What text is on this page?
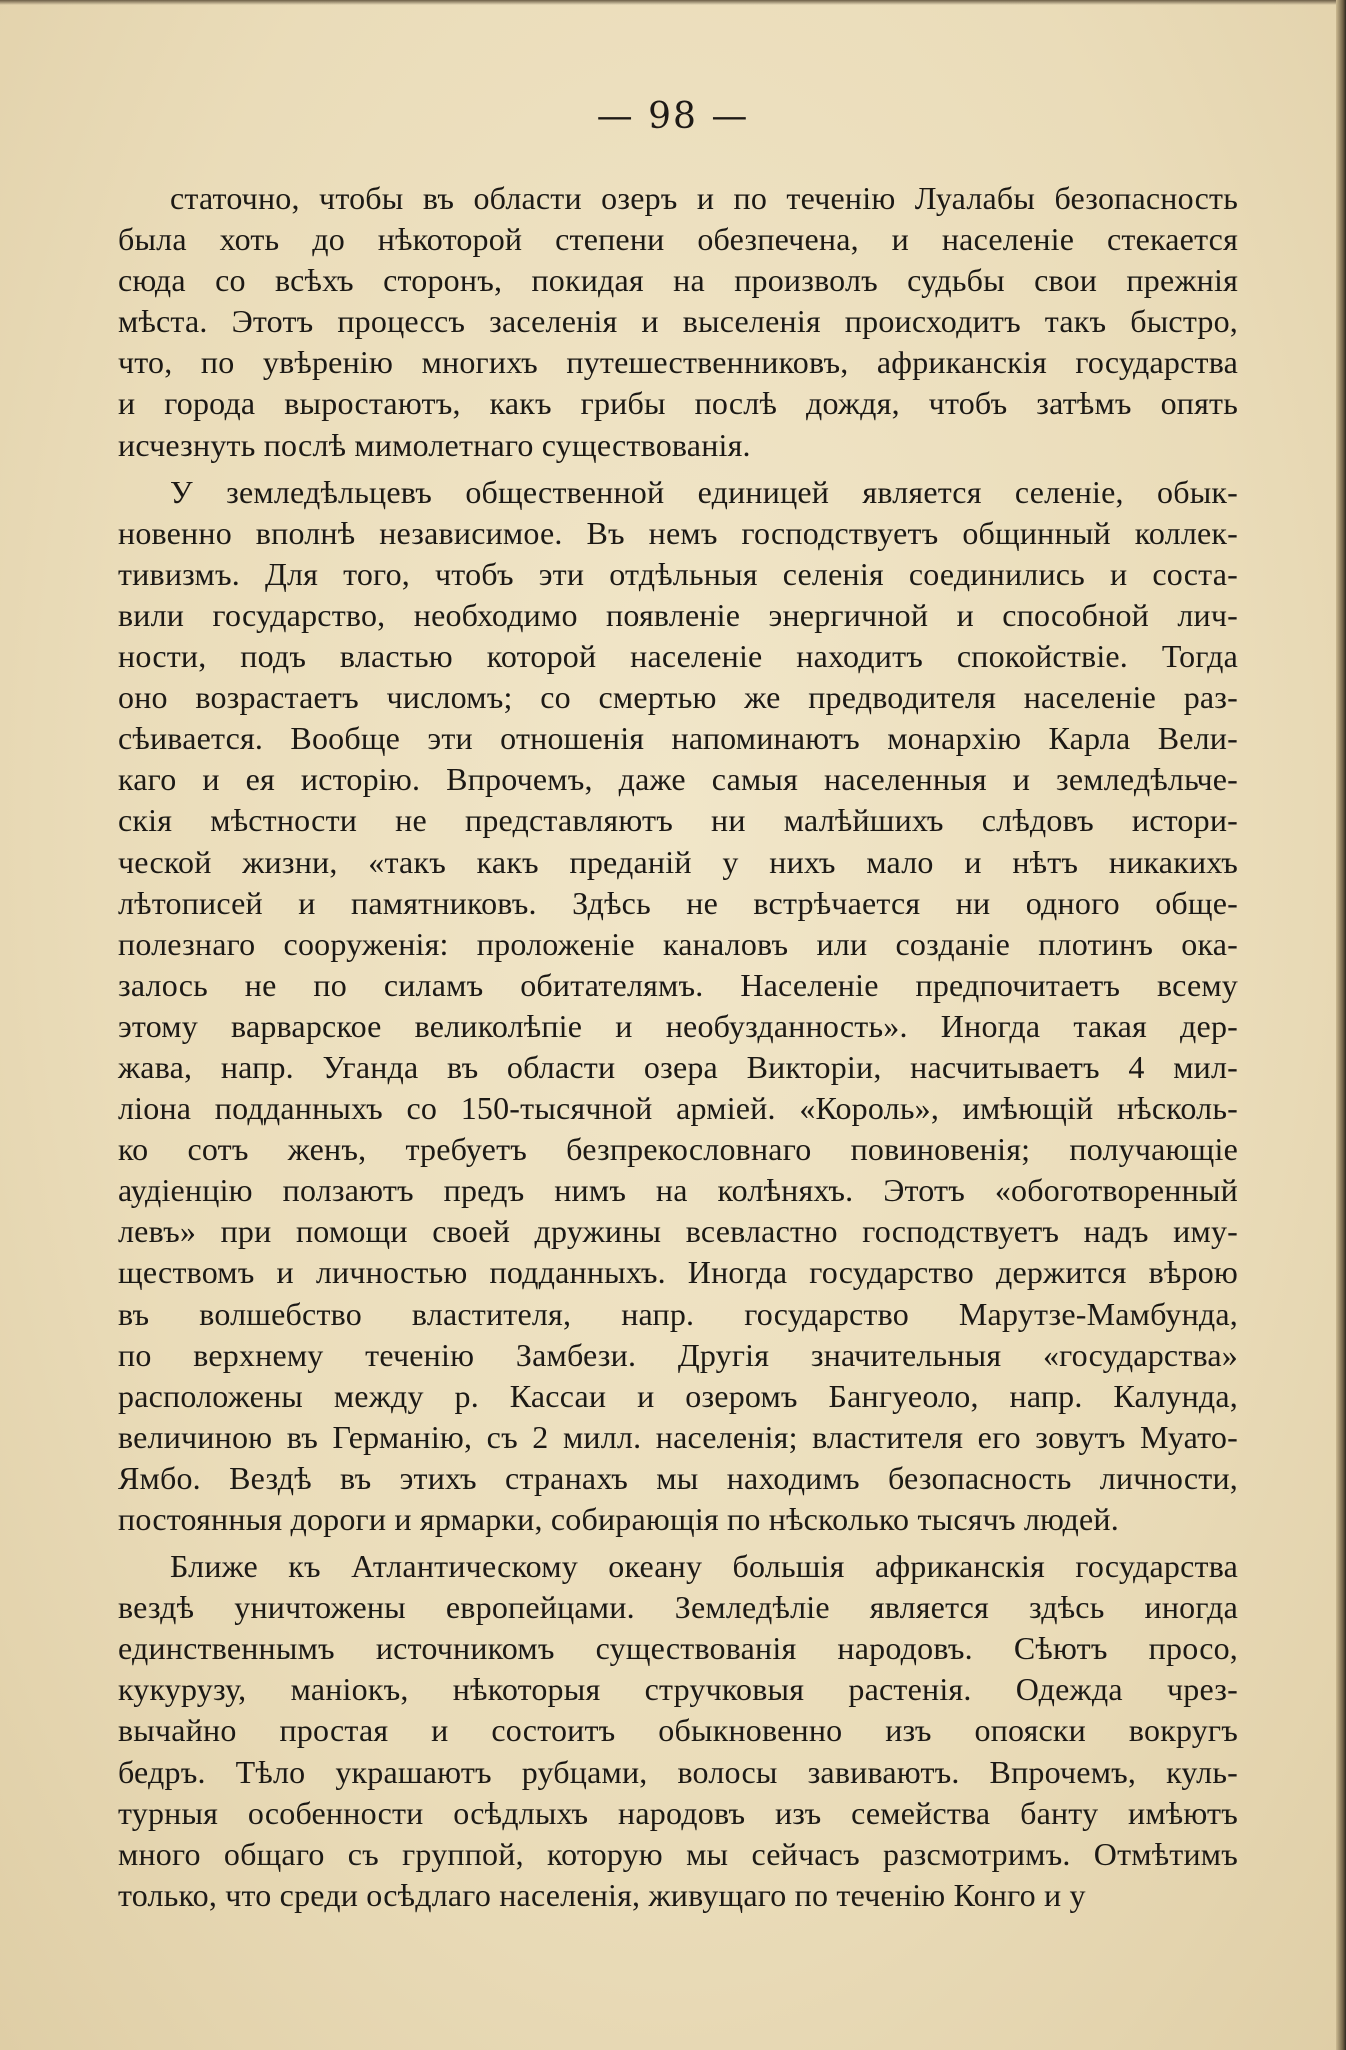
— 98 —

статочно, чтобы въ области озеръ и по теченію Луалабы безопасность
была хоть до нѣкоторой степени обезпечена, и населеніе стекается
сюда со всѣхъ сторонъ, покидая на произволъ судьбы свои прежнія
мѣста. Этотъ процессъ заселенія и выселенія происходитъ такъ быстро,
что, по увѣренію многихъ путешественниковъ, африканскія государства
и города выростаютъ, какъ грибы послѣ дождя, чтобъ затѣмъ опять
исчезнуть послѣ мимолетнаго существованія.

У земледѣльцевъ общественной единицей является селеніе, обык-
новенно вполнѣ независимое. Въ немъ господствуетъ общинный коллек-
тивизмъ. Для того, чтобъ эти отдѣльныя селенія соединились и соста-
вили государство, необходимо появленіе энергичной и способной лич-
ности, подъ властью которой населеніе находитъ спокойствіе. Тогда
оно возрастаетъ числомъ; со смертью же предводителя населеніе раз-
сѣивается. Вообще эти отношенія напоминаютъ монархію Карла Вели-
каго и ея исторію. Впрочемъ, даже самыя населенныя и земледѣльче-
скія мѣстности не представляютъ ни малѣйшихъ слѣдовъ истори-
ческой жизни, «такъ какъ преданій у нихъ мало и нѣтъ никакихъ
лѣтописей и памятниковъ. Здѣсь не встрѣчается ни одного обще-
полезнаго сооруженія: проложеніе каналовъ или созданіе плотинъ ока-
залось не по силамъ обитателямъ. Населеніе предпочитаетъ всему
этому варварское великолѣпіе и необузданность». Иногда такая дер-
жава, напр. Уганда въ области озера Викторіи, насчитываетъ 4 мил-
ліона подданныхъ со 150-тысячной арміей. «Король», имѣющій нѣсколь-
ко сотъ женъ, требуетъ безпрекословнаго повиновенія; получающіе
аудіенцію ползаютъ предъ нимъ на колѣняхъ. Этотъ «обоготворенный
левъ» при помощи своей дружины всевластно господствуетъ надъ иму-
ществомъ и личностью подданныхъ. Иногда государство держится вѣрою
въ волшебство властителя, напр. государство Марутзе-Мамбунда,
по верхнему теченію Замбези. Другія значительныя «государства»
расположены между р. Кассаи и озеромъ Бангуеоло, напр. Калунда,
величиною въ Германію, съ 2 милл. населенія; властителя его зовутъ Муато-
Ямбо. Вездѣ въ этихъ странахъ мы находимъ безопасность личности,
постоянныя дороги и ярмарки, собирающія по нѣсколько тысячъ людей.

Ближе къ Атлантическому океану большія африканскія государства
вездѣ уничтожены европейцами. Земледѣліе является здѣсь иногда
единственнымъ источникомъ существованія народовъ. Сѣютъ просо,
кукурузу, маніокъ, нѣкоторыя стручковыя растенія. Одежда чрез-
вычайно простая и состоитъ обыкновенно изъ опояски вокругъ
бедръ. Тѣло украшаютъ рубцами, волосы завиваютъ. Впрочемъ, куль-
турныя особенности осѣдлыхъ народовъ изъ семейства банту имѣютъ
много общаго съ группой, которую мы сейчасъ разсмотримъ. Отмѣтимъ
только, что среди осѣдлаго населенія, живущаго по теченію Конго и у
